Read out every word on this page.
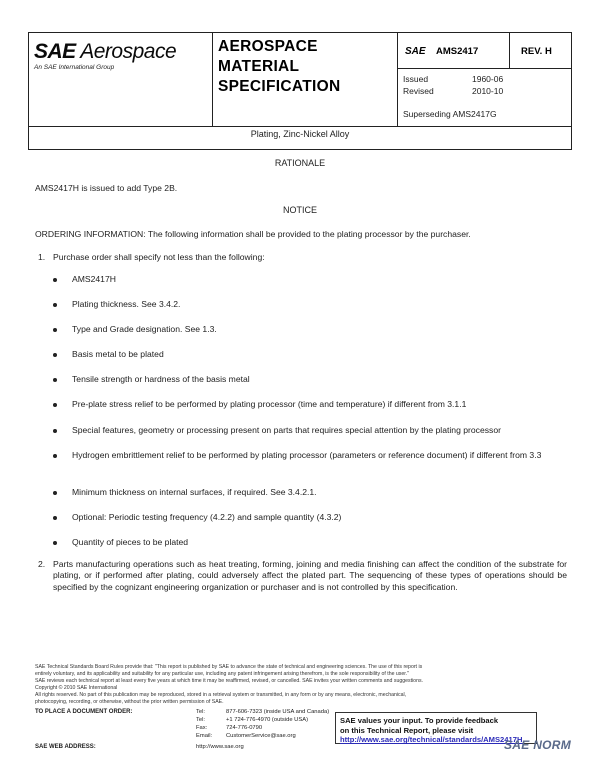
SAE Aerospace
An SAE International Group
AEROSPACE
MATERIAL
SPECIFICATION
SAE AMS2417	REV. H
Issued	1960-06
Revised	2010-10
Superseding AMS2417G
Plating, Zinc-Nickel Alloy
RATIONALE
AMS2417H is issued to add Type 2B.
NOTICE
ORDERING INFORMATION: The following information shall be provided to the plating processor by the purchaser.
1. Purchase order shall specify not less than the following:
AMS2417H
Plating thickness. See 3.4.2.
Type and Grade designation. See 1.3.
Basis metal to be plated
Tensile strength or hardness of the basis metal
Pre-plate stress relief to be performed by plating processor (time and temperature) if different from 3.1.1
Special features, geometry or processing present on parts that requires special attention by the plating processor
Hydrogen embrittlement relief to be performed by plating processor (parameters or reference document) if different from 3.3
Minimum thickness on internal surfaces, if required. See 3.4.2.1.
Optional: Periodic testing frequency (4.2.2) and sample quantity (4.3.2)
Quantity of pieces to be plated
2. Parts manufacturing operations such as heat treating, forming, joining and media finishing can affect the condition of the substrate for plating, or if performed after plating, could adversely affect the plated part. The sequencing of these types of operations should be specified by the cognizant engineering organization or purchaser and is not controlled by this specification.
SAE Technical Standards Board Rules provide that: "This report is published by SAE to advance the state of technical and engineering sciences. The use of this report is
entirely voluntary, and its applicability and suitability for any particular use, including any patent infringement arising therefrom, is the sole responsibility of the user."
SAE reviews each technical report at least every five years at which time it may be reaffirmed, revised, or cancelled. SAE invites your written comments and suggestions.
Copyright © 2010 SAE International
All rights reserved. No part of this publication may be reproduced, stored in a retrieval system or transmitted, in any form or by any means, electronic, mechanical,
photocopying, recording, or otherwise, without the prior written permission of SAE.
TO PLACE A DOCUMENT ORDER:	Tel:	877-606-7323 (inside USA and Canada)
Tel:	+1 724-776-4970 (outside USA)
Fax:	724-776-0790
Email: CustomerService@sae.org
SAE WEB ADDRESS:	http://www.sae.org
SAE values your input. To provide feedback
on this Technical Report, please visit
http://www.sae.org/technical/standards/AMS2417H
SAE NORM
